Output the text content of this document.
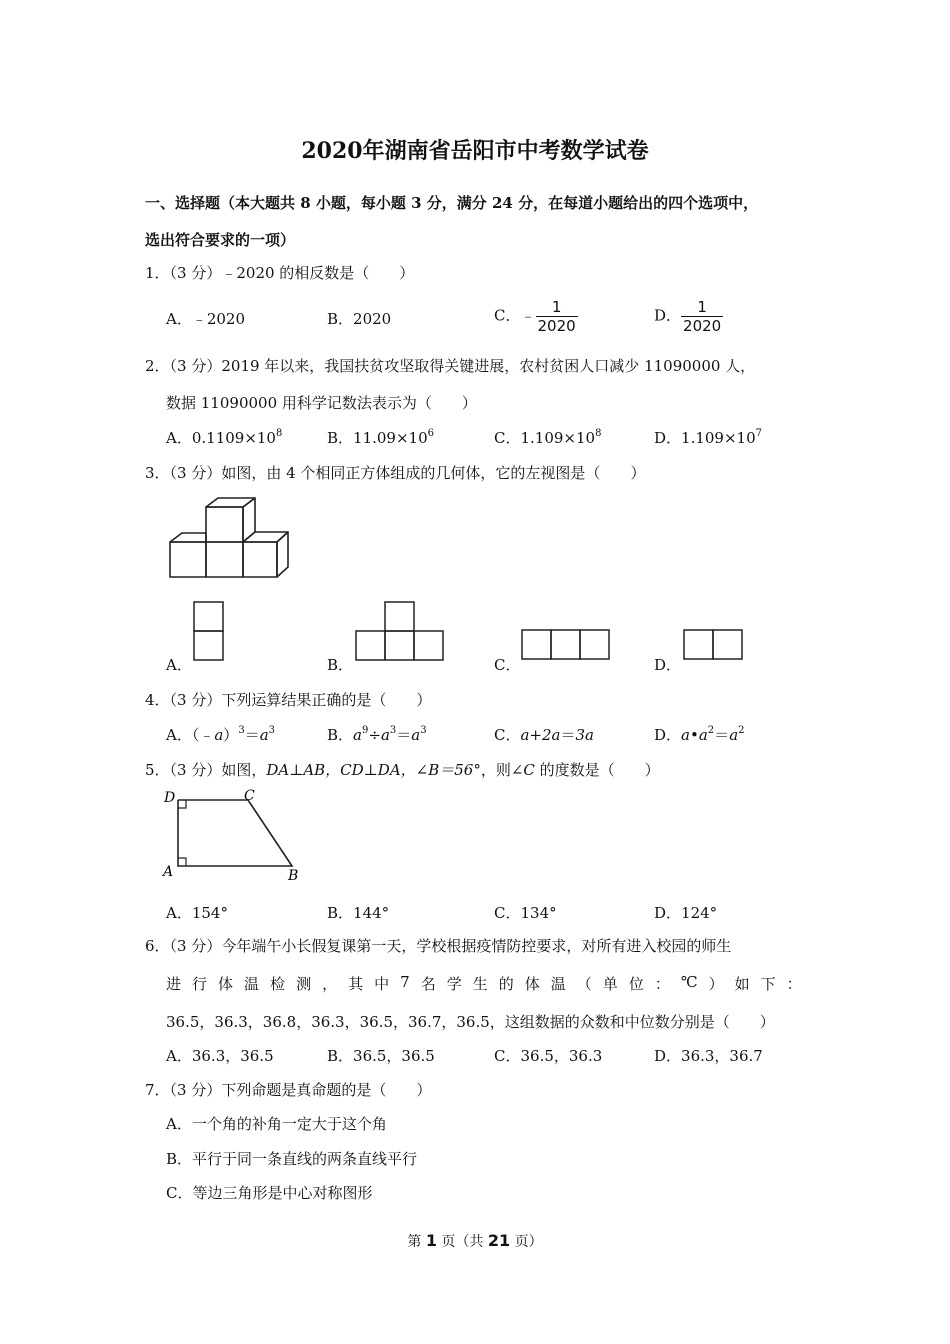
2020年湖南省岳阳市中考数学试卷
一、选择题（本大题共 8 小题，每小题 3 分，满分 24 分，在每道小题给出的四个选项中，
选出符合要求的一项）
1．（3 分）﹣2020 的相反数是（　　）
A．﹣2020	B．2020	C．﹣ $\frac{1}{2020}$	D． $\frac{1}{2020}$
2．（3 分）2019 年以来，我国扶贫攻坚取得关键进展，农村贫困人口减少 11090000 人，
数据 11090000 用科学记数法表示为（　　）
A．$0.1109\times 10^8$	B．$11.09\times 10^6$	C．$1.109\times 10^8$	D．$1.109\times 10^7$
3．（3 分）如图，由 4 个相同正方体组成的几何体，它的左视图是（　　）
A．	B．	C．	D．
4．（3 分）下列运算结果正确的是（　　）
A．$(﹣a)^3=a^3$	B．$a^9\div a^3=a^3$	C．a+2a＝3a	D．$a•a^2=a^2$
5．（3 分）如图，DA⊥AB，CD⊥DA，∠B＝56°，则∠C 的度数是（　　）
D	C
A	B
A．154°	B．144°	C．134°	D．124°
6．（3 分）今年端午小长假复课第一天，学校根据疫情防控要求，对所有进入校园的师生
进 行 体 温 检 测 ， 其 中 7 名 学 生 的 体 温 （ 单 位 ： ℃ ） 如 下 ：
36.5，36.3，36.8，36.3，36.5，36.7，36.5，这组数据的众数和中位数分别是（　　）
A．36.3，36.5	B．36.5，36.5	C．36.5，36.3	D．36.3，36.7
7．（3 分）下列命题是真命题的是（　　）
A．一个角的补角一定大于这个角
B．平行于同一条直线的两条直线平行
C．等边三角形是中心对称图形
第 1 页（共 21 页）
